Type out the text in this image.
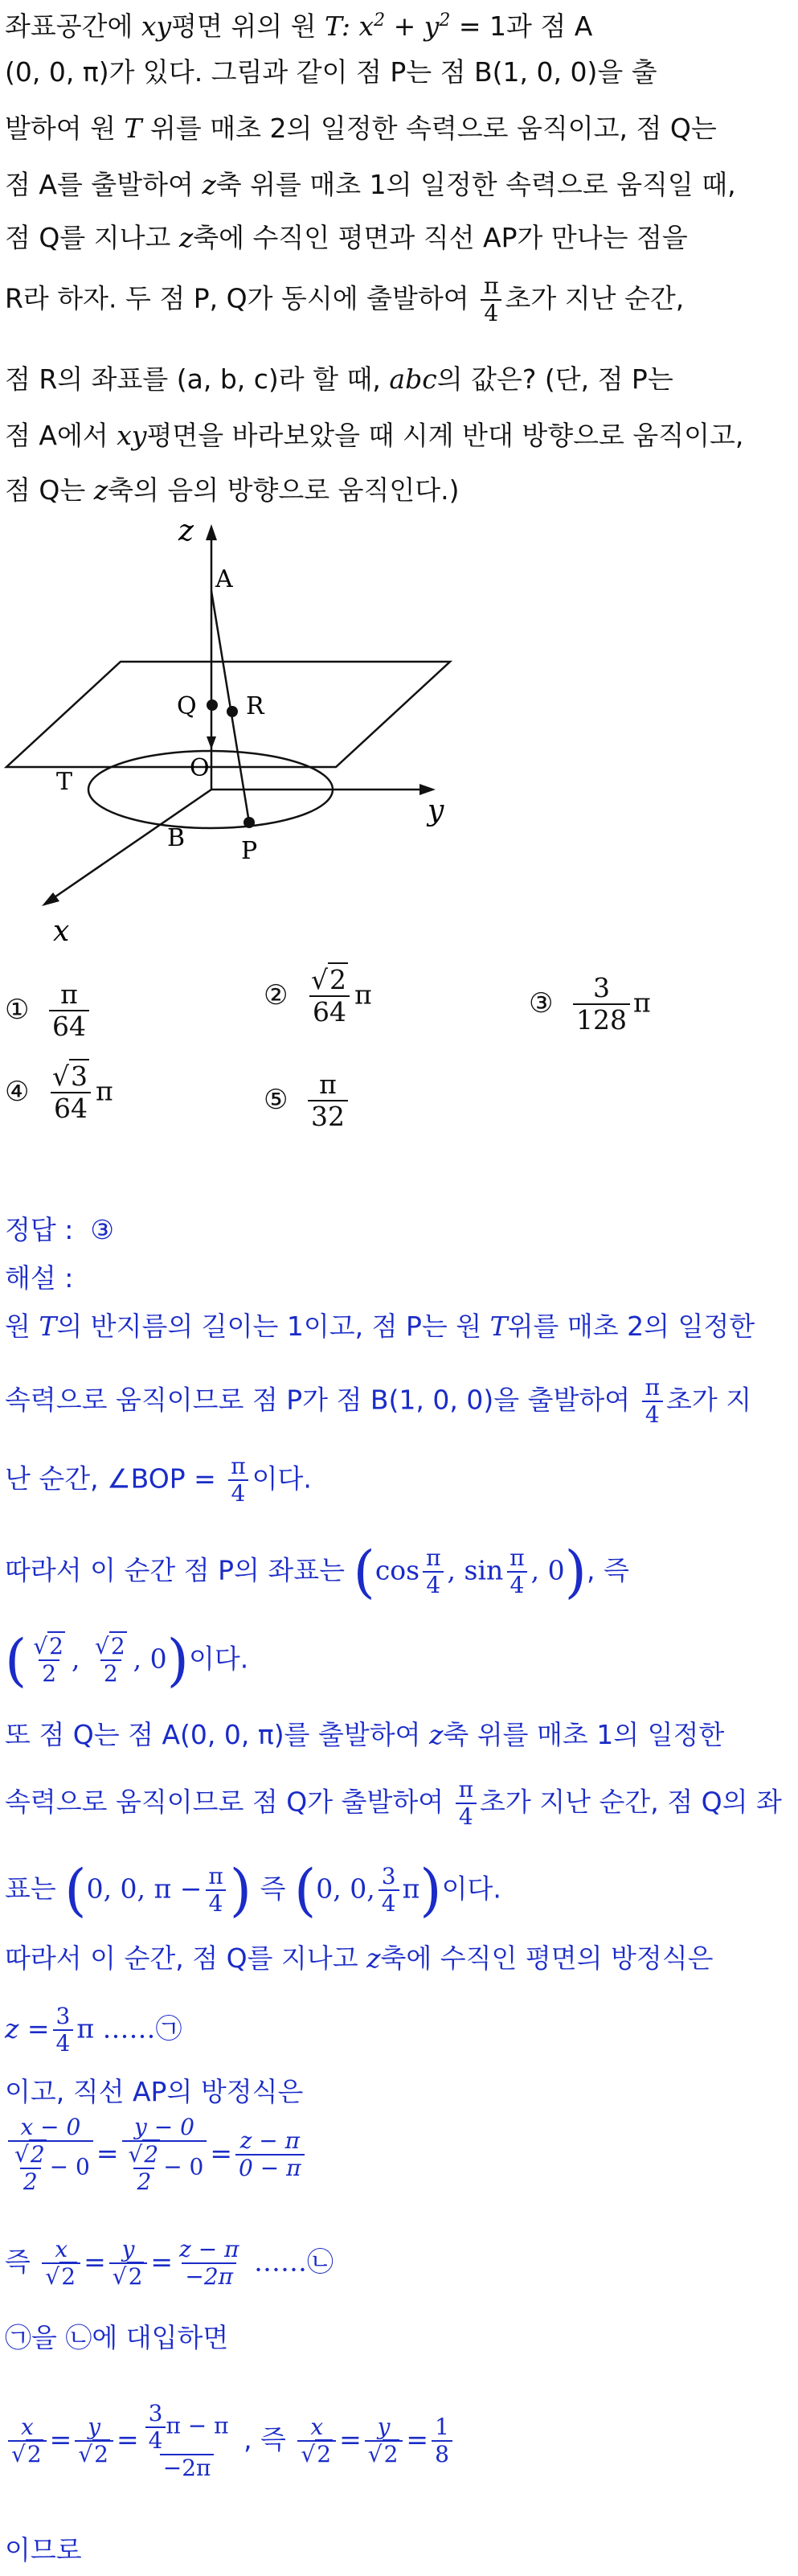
좌표공간에 xy평면 위의 원 T: $x^2 + y^2 = 1$과 점 A
(0, 0, π)가 있다. 그림과 같이 점 P는 점 B(1, 0, 0)을 출
발하여 원 T 위를 매초 2의 일정한 속력으로 움직이고, 점 Q는
점 A를 출발하여 z축 위를 매초 1의 일정한 속력으로 움직일 때,
점 Q를 지나고 z축에 수직인 평면과 직선 AP가 만나는 점을
R라 하자. 두 점 P, Q가 동시에 출발하여 $\frac{\pi}{4}$ 초가 지난 순간,
점 R의 좌표를 (a, b, c)라 할 때, abc의 값은? (단, 점 P는
점 A에서 xy평면을 바라보았을 때 시계 반대 방향으로 움직이고,
점 Q는 z축의 음의 방향으로 움직인다.)
z
y
x
A
Q R
O
T
B P
① $\frac{\pi}{64}$	② $\frac{√2}{64}$ π	③ $\frac{3}{128}$ π
④ $\frac{√3}{64}$ π	⑤ $\frac{\pi}{32}$
정답 : ③
해설 :
원 T의 반지름의 길이는 1이고, 점 P는 원 T위를 매초 2의 일정한
속력으로 움직이므로 점 P가 점 B(1, 0, 0)을 출발하여 $\frac{\pi}{4}$ 초가 지
난 순간, ∠BOP = $\frac{\pi}{4}$ 이다.
따라서 이 순간 점 P의 좌표는 ($\cos \frac{\pi}{4}$ , $\sin \frac{\pi}{4}$ , 0), 즉
( $\frac{√2}{2}$ , $\frac{√2}{2}$ , 0)이다.
또 점 Q는 점 A(0, 0, π)를 출발하여 z축 위를 매초 1의 일정한
속력으로 움직이므로 점 Q가 출발하여 $\frac{\pi}{4}$ 초가 지난 순간, 점 Q의 좌
표는 (0, 0, $\pi - \frac{\pi}{4}$ ) 즉 (0, 0, $\frac{3}{4} \pi$)이다.
따라서 이 순간, 점 Q를 지나고 z축에 수직인 평면의 방정식은
$z = \frac{3}{4}$ π ……㉠
이고, 직선 AP의 방정식은
$\frac{x - 0}{\frac{√2}{2} - 0} = \frac{y - 0}{\frac{√2}{2} - 0} = \frac{z - \pi}{0 - \pi}$
즉 $\frac{x}{√2} = \frac{y}{√2} = \frac{z - \pi}{-2\pi}$ ……㉡
㉠을 ㉡에 대입하면
$\frac{x}{√2} = \frac{y}{√2} = \frac{\frac{3}{4} \pi - \pi}{-2\pi}$ , 즉 $\frac{x}{√2} = \frac{y}{√2} = \frac{1}{8}$
이므로
